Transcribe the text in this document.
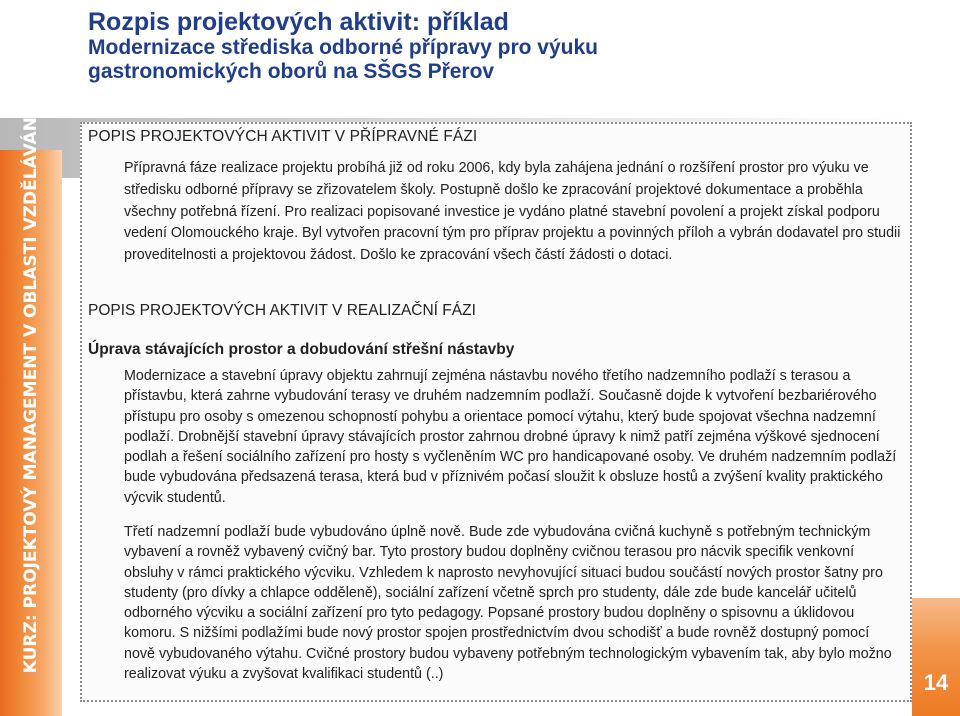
Rozpis projektových aktivit: příklad

Modernizace střediska odborné přípravy pro výuku

gastronomických oborů na SŠGS Přerov

KURZ: PROJEKTOVÝ MANAGEMENT V OBLASTI VZDĚLÁVÁNÍ	POPIS PROJEKTOVÝCH AKTIVIT V PŘÍPRAVNÉ FÁZI

Přípravná fáze realizace projektu probíhá již od roku 2006, kdy byla zahájena jednání o rozšíření prostor pro výuku ve středisku odborné přípravy se zřizovatelem školy. Postupně došlo ke zpracování projektové dokumentace a proběhla všechny potřebná řízení. Pro realizaci popisované investice je vydáno platné stavební povolení a projekt získal podporu vedení Olomouckého kraje. Byl vytvořen pracovní tým pro příprav projektu a povinných příloh a vybrán dodavatel pro studii proveditelnosti a projektovou žádost. Došlo ke zpracování všech částí žádosti o dotaci.

POPIS PROJEKTOVÝCH AKTIVIT V REALIZAČNÍ FÁZI

Úprava stávajících prostor a dobudování střešní nástavby

Modernizace a stavební úpravy objektu zahrnují zejména nástavbu nového třetího nadzemního podlaží s terasou a přístavbu, která zahrne vybudování terasy ve druhém nadzemním podlaží. Současně dojde k vytvoření bezbariérového přístupu pro osoby s omezenou schopností pohybu a orientace pomocí výtahu, který bude spojovat všechna nadzemní podlaží. Drobnější stavební úpravy stávajících prostor zahrnou drobné úpravy k nimž patří zejména výškové sjednocení podlah a řešení sociálního zařízení pro hosty s vyčleněním WC pro handicapované osoby. Ve druhém nadzemním podlaží bude vybudována předsazená terasa, která bud v příznivém počasí sloužit k obsluze hostů a zvýšení kvality praktického výcvik studentů.

Třetí nadzemní podlaží bude vybudováno úplně nově. Bude zde vybudována cvičná kuchyně s potřebným technickým vybavení a rovněž vybavený cvičný bar. Tyto prostory budou doplněny cvičnou terasou pro nácvik specifik venkovní obsluhy v rámci praktického výcviku. Vzhledem k naprosto nevyhovující situaci budou součástí nových prostor šatny pro studenty (pro dívky a chlapce odděleně), sociální zařízení včetně sprch pro studenty, dále zde bude kancelář učitelů odborného výcviku a sociální zařízení pro tyto pedagogy. Popsané prostory budou doplněny o spisovnu a úklidovou komoru. S nižšími podlažími bude nový prostor spojen prostřednictvím dvou schodišť a bude rovněž dostupný pomocí nově vybudovaného výtahu. Cvičné prostory budou vybaveny potřebným technologickým vybavením tak, aby bylo možno realizovat výuku a zvyšovat kvalifikaci studentů (..)	14
